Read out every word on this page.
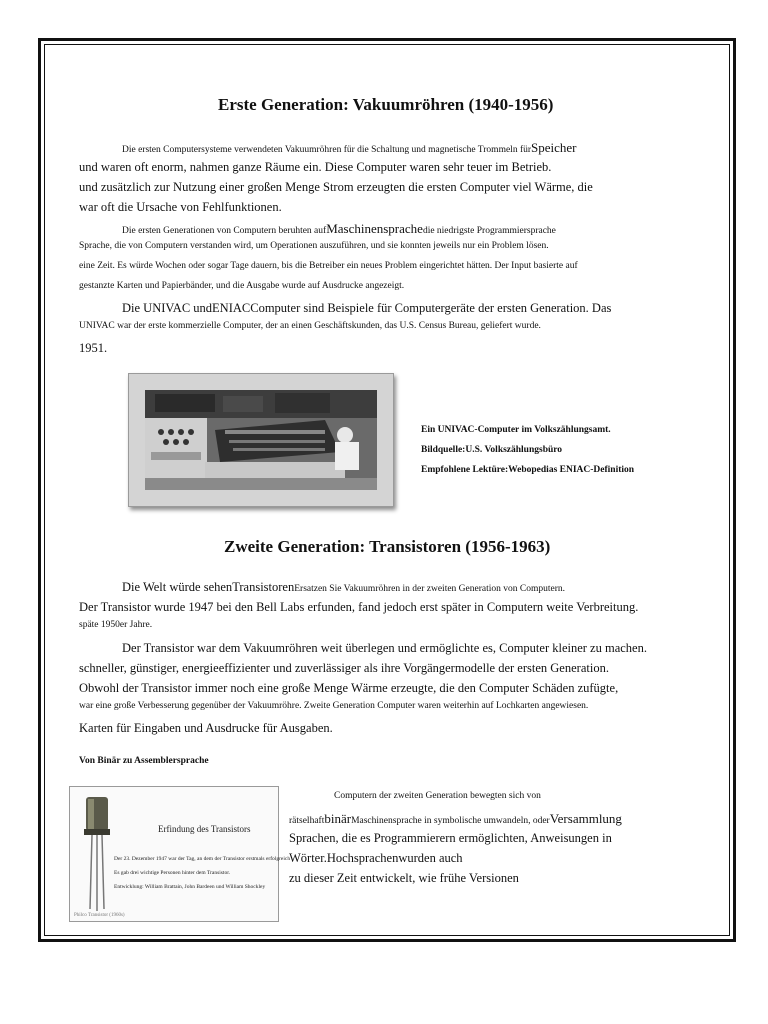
Erste Generation: Vakuumröhren (1940-1956)
Die ersten Computersysteme verwendeten Vakuumröhren für die Schaltung und magnetische Trommeln fürSpeicher
und waren oft enorm, nahmen ganze Räume ein. Diese Computer waren sehr teuer im Betrieb.
und zusätzlich zur Nutzung einer großen Menge Strom erzeugten die ersten Computer viel Wärme, die
war oft die Ursache von Fehlfunktionen.
Die ersten Generationen von Computern beruhten aufMaschinensprachedie niedrigste Programmiersprache
Sprache, die von Computern verstanden wird, um Operationen auszuführen, und sie konnten jeweils nur ein Problem lösen.
eine Zeit. Es würde Wochen oder sogar Tage dauern, bis die Betreiber ein neues Problem eingerichtet hätten. Der Input basierte auf
gestanzte Karten und Papierbänder, und die Ausgabe wurde auf Ausdrucke angezeigt.
Die UNIVAC undENIACComputer sind Beispiele für Computergeräte der ersten Generation. Das
UNIVAC war der erste kommerzielle Computer, der an einen Geschäftskunden, das U.S. Census Bureau, geliefert wurde.
1951.
Ein UNIVAC-Computer im Volkszählungsamt.
Bildquelle:U.S. Volkszählungsbüro
Empfohlene Lektüre:Webopedias ENIAC-Definition
Zweite Generation: Transistoren (1956-1963)
Die Welt würde sehenTransistorenErsatzen Sie Vakuumröhren in der zweiten Generation von Computern.
Der Transistor wurde 1947 bei den Bell Labs erfunden, fand jedoch erst später in Computern weite Verbreitung.
späte 1950er Jahre.
Der Transistor war dem Vakuumröhren weit überlegen und ermöglichte es, Computer kleiner zu machen.
schneller, günstiger, energieeffizienter und zuverlässiger als ihre Vorgängermodelle der ersten Generation.
Obwohl der Transistor immer noch eine große Menge Wärme erzeugte, die den Computer Schäden zufügte,
war eine große Verbesserung gegenüber der Vakuumröhre. Zweite Generation Computer waren weiterhin auf Lochkarten angewiesen.
Karten für Eingaben und Ausdrucke für Ausgaben.
Von Binär zu Assemblersprache
Erfindung des Transistors
Der 23. Dezember 1947 war der Tag, an dem der Transistor erstmals erfolgreich
Es gab drei wichtige Personen hinter dem Transistor.
Entwicklung: William Brattain, John Bardeen und William Shockley
Philco Transistor (1960s)
Computern der zweiten Generation bewegten sich von
rätselhaftbinärMaschinensprache in symbolische umwandeln, oderVersammlung
Sprachen, die es Programmierern ermöglichten, Anweisungen in
Wörter.Hochsprachenwurden auch
zu dieser Zeit entwickelt, wie frühe Versionen
